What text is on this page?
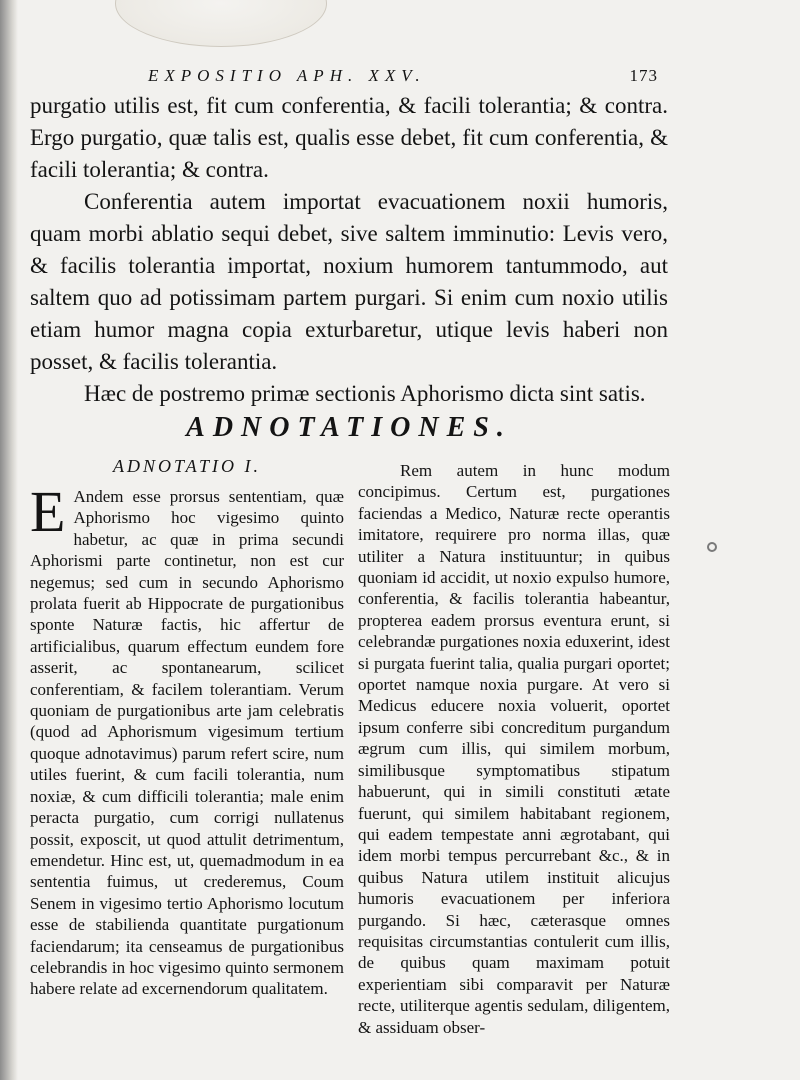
EXPOSITIO APH. XXV.	173

purgatio utilis est, fit cum conferentia, & facili tolerantia; & contra. Ergo purgatio, quæ talis est, qualis esse debet, fit cum conferentia, & facili tolerantia; & contra.

Conferentia autem importat evacuationem noxii humoris, quam morbi ablatio sequi debet, sive saltem imminutio: Levis vero, & facilis tolerantia importat, noxium humorem tantummodo, aut saltem quo ad potissimam partem purgari. Si enim cum noxio utilis etiam humor magna copia exturbaretur, utique levis haberi non posset, & facilis tolerantia.

Hæc de postremo primæ sectionis Aphorismo dicta sint satis.

ADNOTATIONES.
ADNOTATIO I.
E Andem esse prorsus sententiam, quæ Aphorismo hoc vigesimo quinto habetur, ac quæ in prima secundi Aphorismi parte continetur, non est cur negemus; sed cum in secundo Aphorismo prolata fuerit ab Hippocrate de purgationibus sponte Naturæ factis, hic affertur de artificialibus, quarum effectum eundem fore asserit, ac spontanearum, scilicet conferentiam, & facilem tolerantiam. Verum quoniam de purgationibus arte jam celebratis (quod ad Aphorismum vigesimum tertium quoque adnotavimus) parum refert scire, num utiles fuerint, & cum facili tolerantia, num noxiæ, & cum difficili tolerantia; male enim peracta purgatio, cum corrigi nullatenus possit, exposcit, ut quod attulit detrimentum, emendetur. Hinc est, ut, quemadmodum in ea sententia fuimus, ut crederemus, Coum Senem in vigesimo tertio Aphorismo locutum esse de stabilienda quantitate purgationum faciendarum; ita censeamus de purgationibus celebrandis in hoc vigesimo quinto sermonem habere relate ad excernendorum qualitatem.

Rem autem in hunc modum concipimus. Certum est, purgationes faciendas a Medico, Naturæ recte operantis imitatore, requirere pro norma illas, quæ utiliter a Natura instituuntur; in quibus quoniam id accidit, ut noxio expulso humore, conferentia, & facilis tolerantia habeantur, propterea eadem prorsus eventura erunt, si celebrandæ purgationes noxia eduxerint, idest si purgata fuerint talia, qualia purgari oportet; oportet namque noxia purgare. At vero si Medicus educere noxia voluerit, oportet ipsum conferre sibi concreditum purgandum ægrum cum illis, qui similem morbum, similibusque symptomatibus stipatum habuerunt, qui in simili constituti ætate fuerunt, qui similem habitabant regionem, qui eadem tempestate anni ægrotabant, qui idem morbi tempus percurrebant &c., & in quibus Natura utilem instituit alicujus humoris evacuationem per inferiora purgando. Si hæc, cæterasque omnes requisitas circumstantias contulerit cum illis, de quibus quam maximam potuit experientiam sibi comparavit per Naturæ recte, utiliterque agentis sedulam, diligentem, & assiduam obser-
